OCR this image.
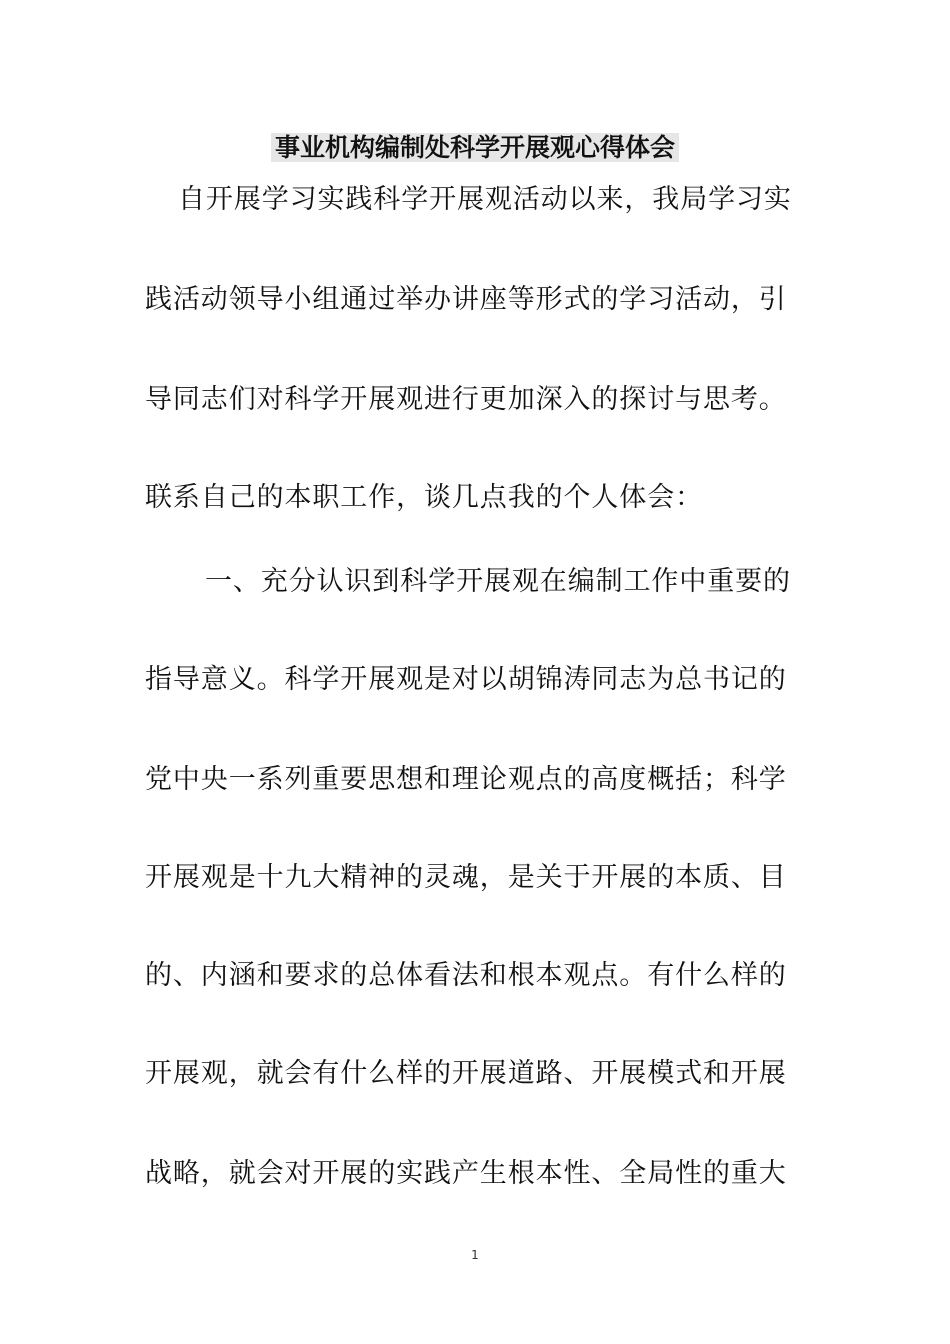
事业机构编制处科学开展观心得体会
自开展学习实践科学开展观活动以来，我局学习实
践活动领导小组通过举办讲座等形式的学习活动，引
导同志们对科学开展观进行更加深入的探讨与思考。
联系自己的本职工作，谈几点我的个人体会：
一、充分认识到科学开展观在编制工作中重要的
指导意义。科学开展观是对以胡锦涛同志为总书记的
党中央一系列重要思想和理论观点的高度概括；科学
开展观是十九大精神的灵魂，是关于开展的本质、目
的、内涵和要求的总体看法和根本观点。有什么样的
开展观，就会有什么样的开展道路、开展模式和开展
战略，就会对开展的实践产生根本性、全局性的重大
1
